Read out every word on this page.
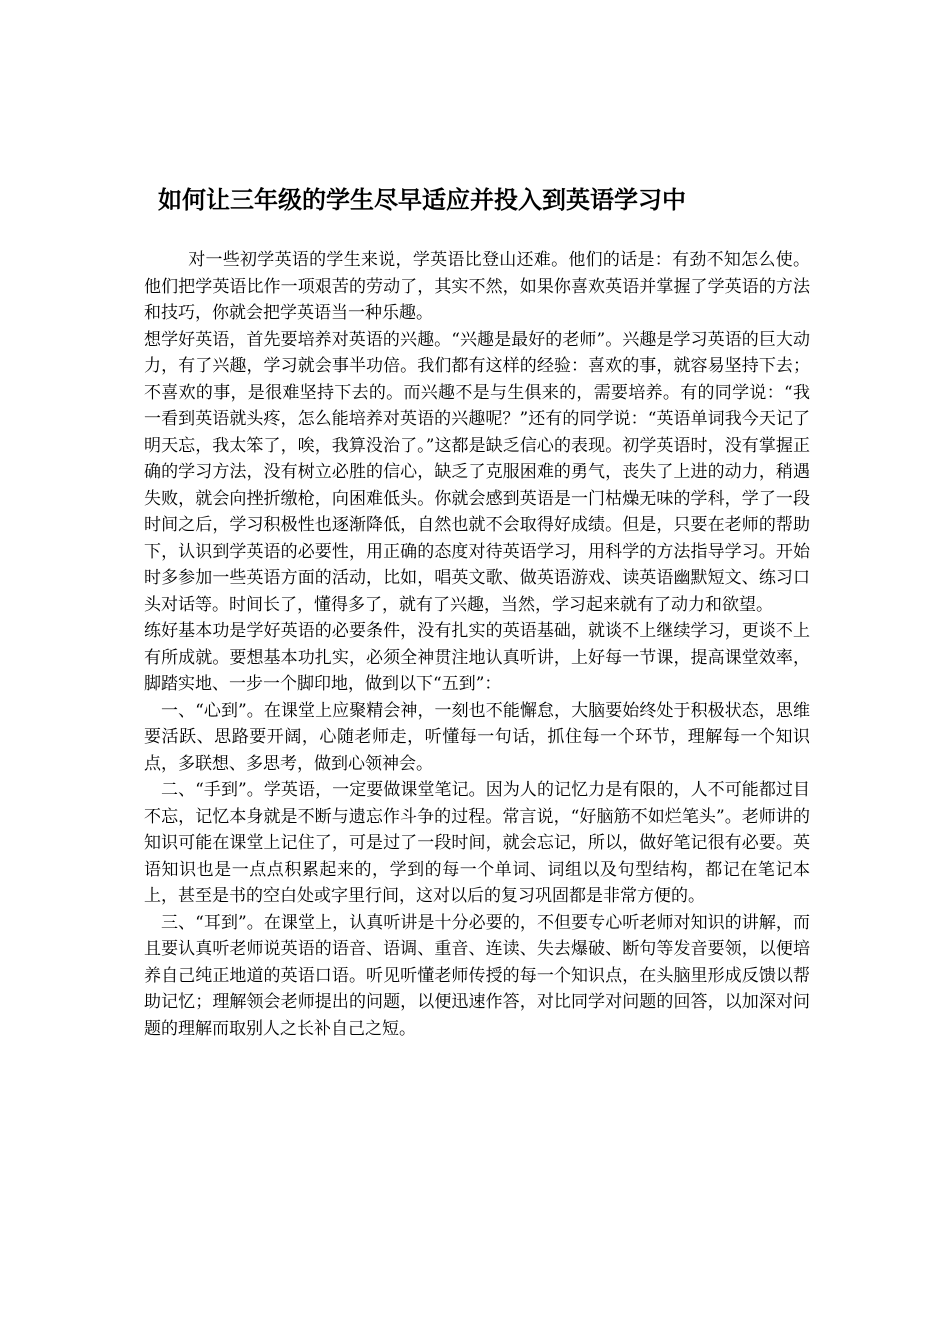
如何让三年级的学生尽早适应并投入到英语学习中

对一些初学英语的学生来说，学英语比登山还难。他们的话是：有劲不知怎么使。他们把学英语比作一项艰苦的劳动了，其实不然，如果你喜欢英语并掌握了学英语的方法和技巧，你就会把学英语当一种乐趣。

想学好英语，首先要培养对英语的兴趣。“兴趣是最好的老师”。兴趣是学习英语的巨大动力，有了兴趣，学习就会事半功倍。我们都有这样的经验：喜欢的事，就容易坚持下去；不喜欢的事，是很难坚持下去的。而兴趣不是与生俱来的，需要培养。有的同学说：“我一看到英语就头疼，怎么能培养对英语的兴趣呢？”还有的同学说：“英语单词我今天记了明天忘，我太笨了，唉，我算没治了。”这都是缺乏信心的表现。初学英语时，没有掌握正确的学习方法，没有树立必胜的信心，缺乏了克服困难的勇气，丧失了上进的动力，稍遇失败，就会向挫折缴枪，向困难低头。你就会感到英语是一门枯燥无味的学科，学了一段时间之后，学习积极性也逐渐降低，自然也就不会取得好成绩。但是，只要在老师的帮助下，认识到学英语的必要性，用正确的态度对待英语学习，用科学的方法指导学习。开始时多参加一些英语方面的活动，比如，唱英文歌、做英语游戏、读英语幽默短文、练习口头对话等。时间长了，懂得多了，就有了兴趣，当然，学习起来就有了动力和欲望。

练好基本功是学好英语的必要条件，没有扎实的英语基础，就谈不上继续学习，更谈不上有所成就。要想基本功扎实，必须全神贯注地认真听讲，上好每一节课，提高课堂效率，脚踏实地、一步一个脚印地，做到以下“五到”：

一、“心到”。在课堂上应聚精会神，一刻也不能懈怠，大脑要始终处于积极状态，思维要活跃、思路要开阔，心随老师走，听懂每一句话，抓住每一个环节，理解每一个知识点，多联想、多思考，做到心领神会。

二、“手到”。学英语，一定要做课堂笔记。因为人的记忆力是有限的，人不可能都过目不忘，记忆本身就是不断与遗忘作斗争的过程。常言说，“好脑筋不如烂笔头”。老师讲的知识可能在课堂上记住了，可是过了一段时间，就会忘记，所以，做好笔记很有必要。英语知识也是一点点积累起来的，学到的每一个单词、词组以及句型结构，都记在笔记本上，甚至是书的空白处或字里行间，这对以后的复习巩固都是非常方便的。

三、“耳到”。在课堂上，认真听讲是十分必要的，不但要专心听老师对知识的讲解，而且要认真听老师说英语的语音、语调、重音、连读、失去爆破、断句等发音要领，以便培养自己纯正地道的英语口语。听见听懂老师传授的每一个知识点，在头脑里形成反馈以帮助记忆；理解领会老师提出的问题，以便迅速作答，对比同学对问题的回答，以加深对问题的理解而取别人之长补自己之短。
